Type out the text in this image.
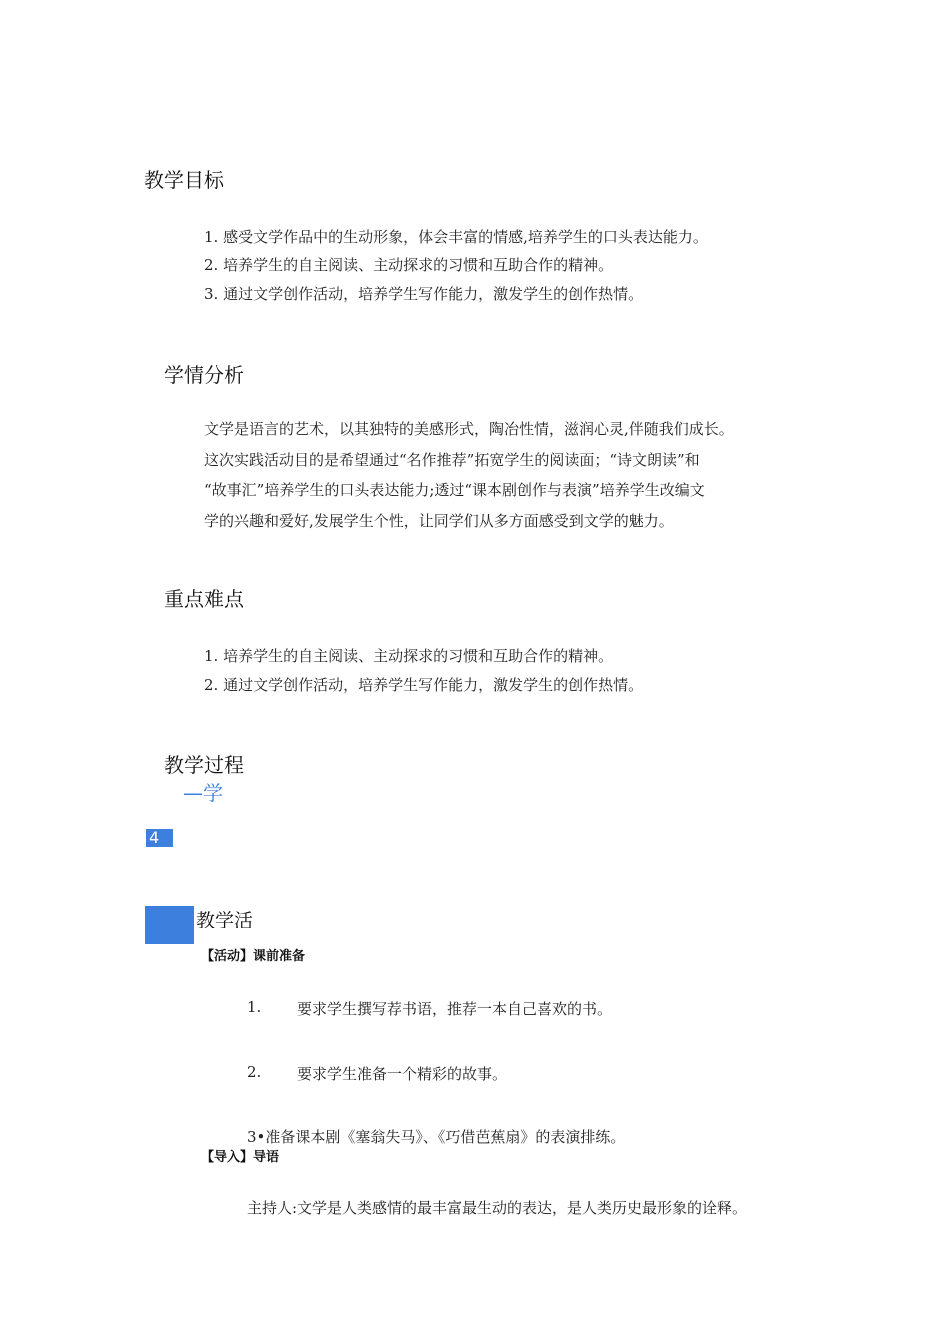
教学目标
1. 感受文学作品中的生动形象，体会丰富的情感,培养学生的口头表达能力。
2. 培养学生的自主阅读、主动探求的习惯和互助合作的精神。
3. 通过文学创作活动，培养学生写作能力，激发学生的创作热情。
学情分析
文学是语言的艺术，以其独特的美感形式，陶冶性情，滋润心灵,伴随我们成长。
这次实践活动目的是希望通过“名作推荐”拓宽学生的阅读面；“诗文朗读”和
“故事汇”培养学生的口头表达能力;透过“课本剧创作与表演”培养学生改编文
学的兴趣和爱好,发展学生个性，让同学们从多方面感受到文学的魅力。
重点难点
1. 培养学生的自主阅读、主动探求的习惯和互助合作的精神。
2. 通过文学创作活动，培养学生写作能力，激发学生的创作热情。
教学过程
—学
4
教学活
【活动】课前准备
1. 要求学生撰写荐书语，推荐一本自己喜欢的书。
2. 要求学生准备一个精彩的故事。
3•准备课本剧《塞翁失马》、《巧借芭蕉扇》的表演排练。
【导入】导语
主持人:文学是人类感情的最丰富最生动的表达，是人类历史最形象的诠释。
